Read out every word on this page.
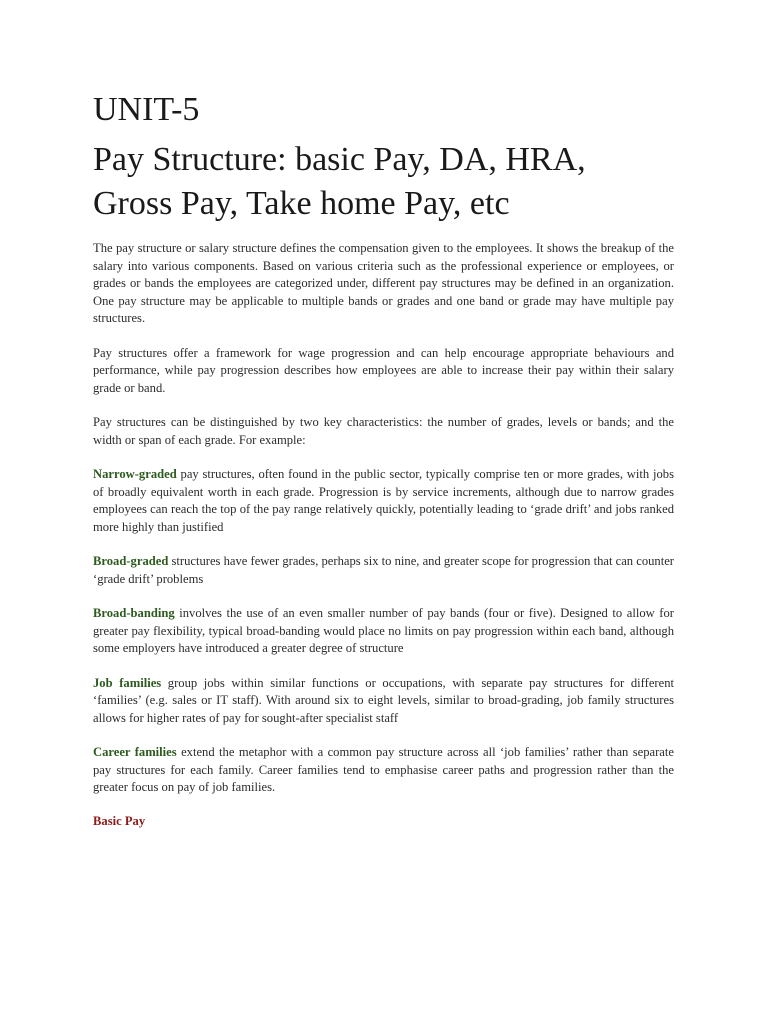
UNIT-5
Pay Structure: basic Pay, DA, HRA, Gross Pay, Take home Pay, etc

The pay structure or salary structure defines the compensation given to the employees. It shows the breakup of the salary into various components. Based on various criteria such as the professional experience or employees, or grades or bands the employees are categorized under, different pay structures may be defined in an organization. One pay structure may be applicable to multiple bands or grades and one band or grade may have multiple pay structures.

Pay structures offer a framework for wage progression and can help encourage appropriate behaviours and performance, while pay progression describes how employees are able to increase their pay within their salary grade or band.

Pay structures can be distinguished by two key characteristics: the number of grades, levels or bands; and the width or span of each grade. For example:

Narrow-graded pay structures, often found in the public sector, typically comprise ten or more grades, with jobs of broadly equivalent worth in each grade. Progression is by service increments, although due to narrow grades employees can reach the top of the pay range relatively quickly, potentially leading to ‘grade drift’ and jobs ranked more highly than justified

Broad-graded structures have fewer grades, perhaps six to nine, and greater scope for progression that can counter ‘grade drift’ problems

Broad-banding involves the use of an even smaller number of pay bands (four or five). Designed to allow for greater pay flexibility, typical broad-banding would place no limits on pay progression within each band, although some employers have introduced a greater degree of structure

Job families group jobs within similar functions or occupations, with separate pay structures for different ‘families’ (e.g. sales or IT staff). With around six to eight levels, similar to broad-grading, job family structures allows for higher rates of pay for sought-after specialist staff

Career families extend the metaphor with a common pay structure across all ‘job families’ rather than separate pay structures for each family. Career families tend to emphasise career paths and progression rather than the greater focus on pay of job families.

Basic Pay
